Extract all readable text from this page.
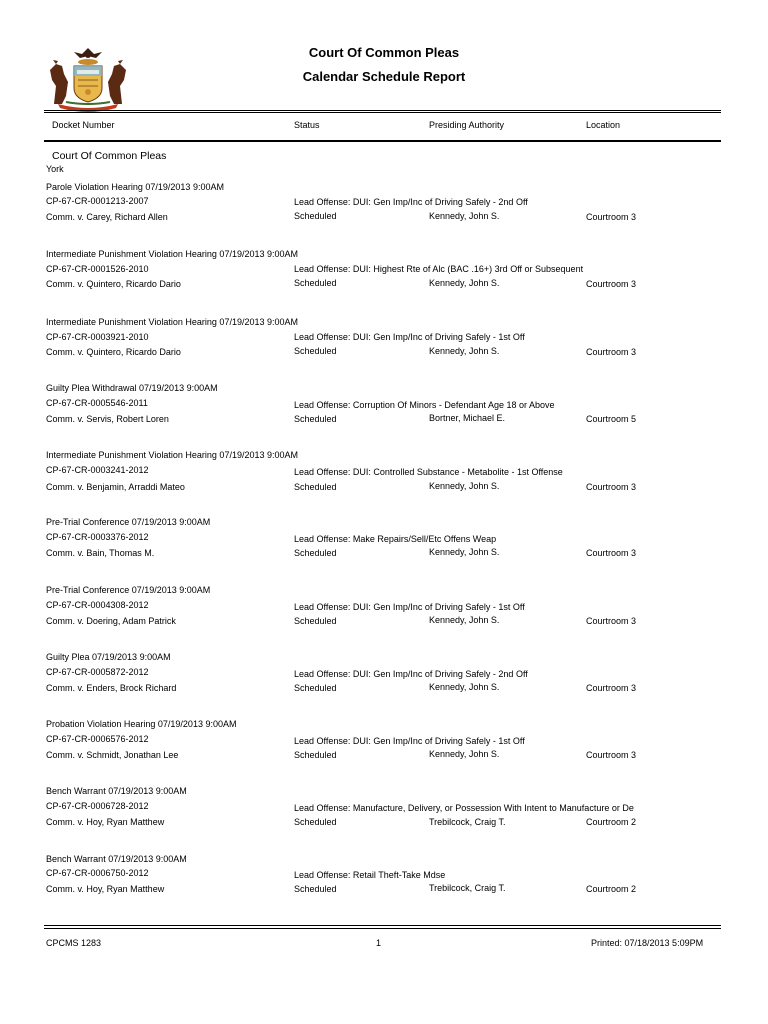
Court Of Common Pleas
Calendar Schedule Report
Docket Number	Status	Presiding Authority	Location
Court Of Common Pleas
York
Parole Violation Hearing 07/19/2013 9:00AM
CP-67-CR-0001213-2007	Lead Offense: DUI: Gen Imp/Inc of Driving Safely - 2nd Off
Comm. v. Carey, Richard Allen	Scheduled	Kennedy, John S.	Courtroom 3
Intermediate Punishment Violation Hearing 07/19/2013 9:00AM
CP-67-CR-0001526-2010	Lead Offense: DUI: Highest Rte of Alc (BAC .16+) 3rd Off or Subsequent
Comm. v. Quintero, Ricardo Dario	Scheduled	Kennedy, John S.	Courtroom 3
Intermediate Punishment Violation Hearing 07/19/2013 9:00AM
CP-67-CR-0003921-2010	Lead Offense: DUI: Gen Imp/Inc of Driving Safely - 1st Off
Comm. v. Quintero, Ricardo Dario	Scheduled	Kennedy, John S.	Courtroom 3
Guilty Plea Withdrawal 07/19/2013 9:00AM
CP-67-CR-0005546-2011	Lead Offense: Corruption Of Minors - Defendant Age 18 or Above
Comm. v. Servis, Robert Loren	Scheduled	Bortner, Michael E.	Courtroom 5
Intermediate Punishment Violation Hearing 07/19/2013 9:00AM
CP-67-CR-0003241-2012	Lead Offense: DUI: Controlled Substance - Metabolite - 1st Offense
Comm. v. Benjamin, Arraddi Mateo	Scheduled	Kennedy, John S.	Courtroom 3
Pre-Trial Conference 07/19/2013 9:00AM
CP-67-CR-0003376-2012	Lead Offense: Make Repairs/Sell/Etc Offens Weap
Comm. v. Bain, Thomas M.	Scheduled	Kennedy, John S.	Courtroom 3
Pre-Trial Conference 07/19/2013 9:00AM
CP-67-CR-0004308-2012	Lead Offense: DUI: Gen Imp/Inc of Driving Safely - 1st Off
Comm. v. Doering, Adam Patrick	Scheduled	Kennedy, John S.	Courtroom 3
Guilty Plea 07/19/2013 9:00AM
CP-67-CR-0005872-2012	Lead Offense: DUI: Gen Imp/Inc of Driving Safely - 2nd Off
Comm. v. Enders, Brock Richard	Scheduled	Kennedy, John S.	Courtroom 3
Probation Violation Hearing 07/19/2013 9:00AM
CP-67-CR-0006576-2012	Lead Offense: DUI: Gen Imp/Inc of Driving Safely - 1st Off
Comm. v. Schmidt, Jonathan Lee	Scheduled	Kennedy, John S.	Courtroom 3
Bench Warrant 07/19/2013 9:00AM
CP-67-CR-0006728-2012	Lead Offense: Manufacture, Delivery, or Possession With Intent to Manufacture or De
Comm. v. Hoy, Ryan Matthew	Scheduled	Trebilcock, Craig T.	Courtroom 2
Bench Warrant 07/19/2013 9:00AM
CP-67-CR-0006750-2012	Lead Offense: Retail Theft-Take Mdse
Comm. v. Hoy, Ryan Matthew	Scheduled	Trebilcock, Craig T.	Courtroom 2
CPCMS 1283	1	Printed: 07/18/2013 5:09PM
